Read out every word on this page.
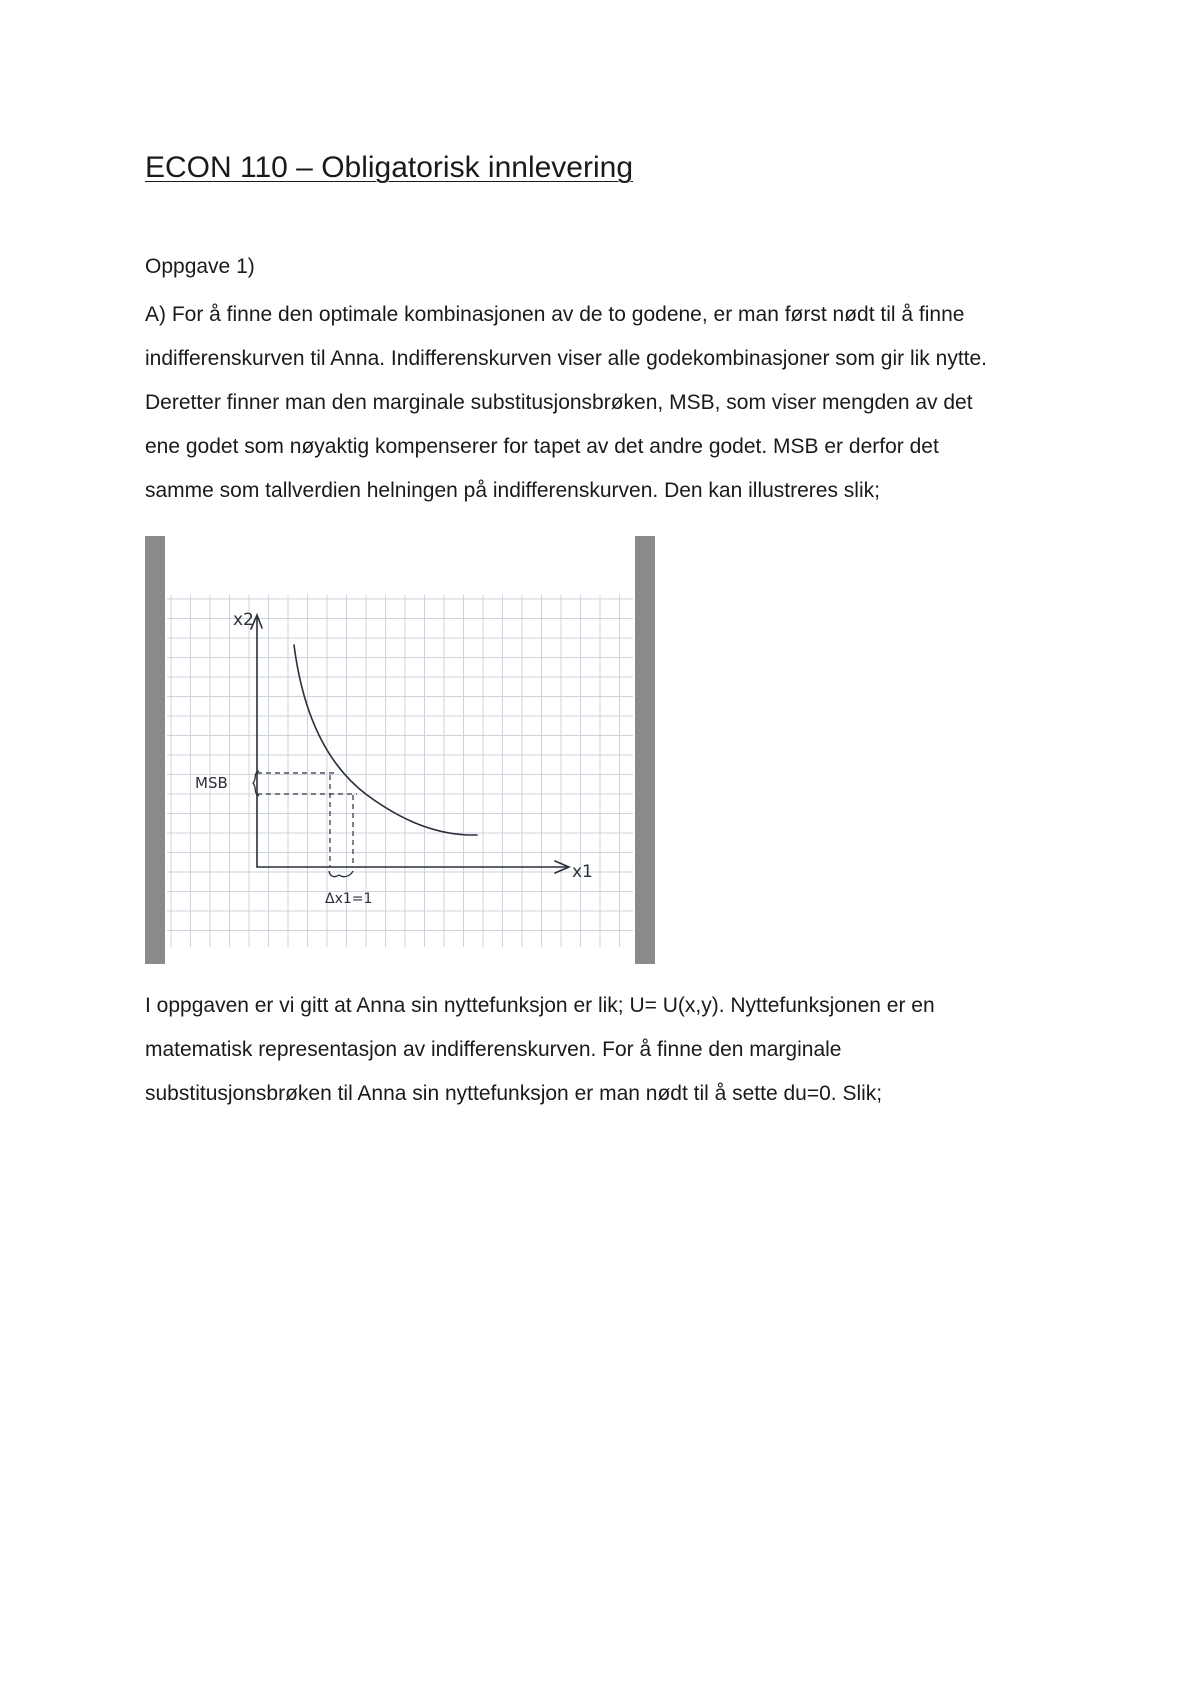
ECON 110 – Obligatorisk innlevering
Oppgave 1)
A) For å finne den optimale kombinasjonen av de to godene, er man først nødt til å finne
indifferenskurven til Anna. Indifferenskurven viser alle godekombinasjoner som gir lik nytte.
Deretter finner man den marginale substitusjonsbrøken, MSB, som viser mengden av det
ene godet som nøyaktig kompenserer for tapet av det andre godet. MSB er derfor det
samme som tallverdien helningen på indifferenskurven. Den kan illustreres slik;
x2
x1
MSB
Δx1=1
I oppgaven er vi gitt at Anna sin nyttefunksjon er lik; U= U(x,y). Nyttefunksjonen er en
matematisk representasjon av indifferenskurven. For å finne den marginale
substitusjonsbrøken til Anna sin nyttefunksjon er man nødt til å sette du=0. Slik;
